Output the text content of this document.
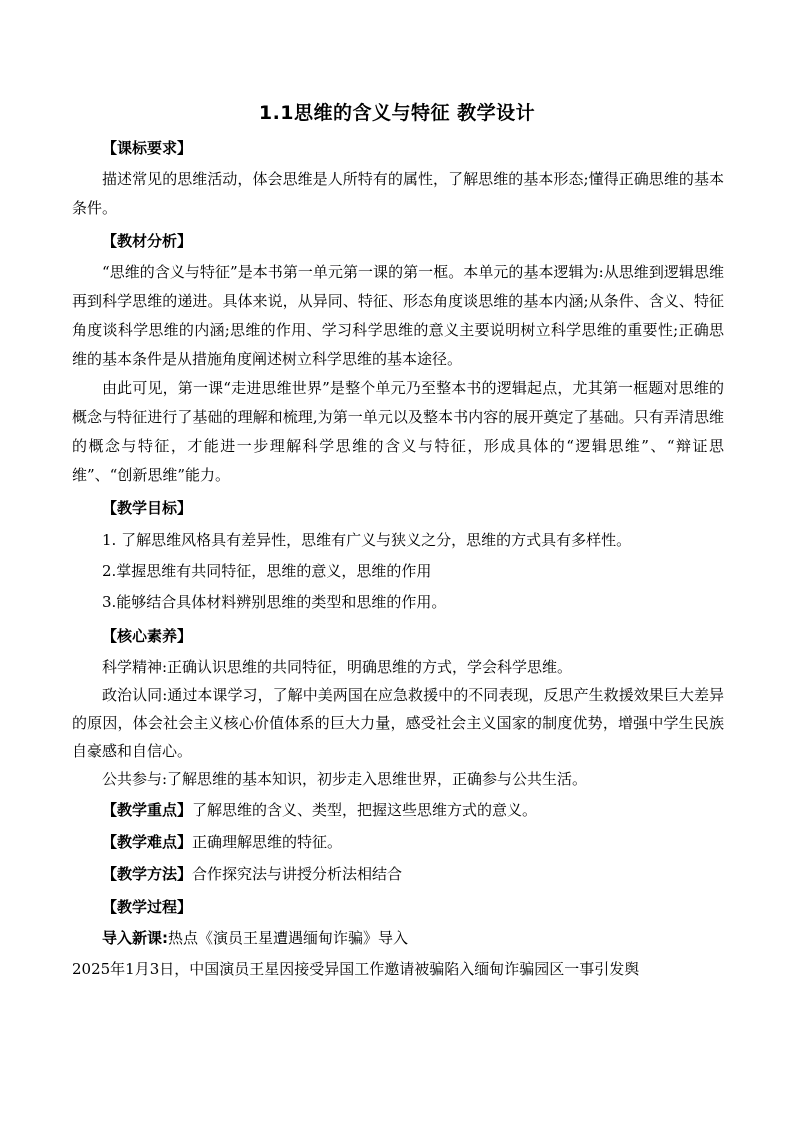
1.1思维的含义与特征 教学设计
【课标要求】

描述常见的思维活动，体会思维是人所特有的属性，了解思维的基本形态;懂得正确思维的基本条件。

【教材分析】

“思维的含义与特征”是本书第一单元第一课的第一框。本单元的基本逻辑为:从思维到逻辑思维再到科学思维的递进。具体来说，从异同、特征、形态角度谈思维的基本内涵;从条件、含义、特征角度谈科学思维的内涵;思维的作用、学习科学思维的意义主要说明树立科学思维的重要性;正确思维的基本条件是从措施角度阐述树立科学思维的基本途径。

由此可见，第一课“走进思维世界”是整个单元乃至整本书的逻辑起点，尤其第一框题对思维的概念与特征进行了基础的理解和梳理,为第一单元以及整本书内容的展开奠定了基础。只有弄清思维的概念与特征，才能进一步理解科学思维的含义与特征，形成具体的“逻辑思维”、“辩证思维”、“创新思维”能力。

【教学目标】

1. 了解思维风格具有差异性，思维有广义与狭义之分，思维的方式具有多样性。

2.掌握思维有共同特征，思维的意义，思维的作用

3.能够结合具体材料辨别思维的类型和思维的作用。

【核心素养】

科学精神:正确认识思维的共同特征，明确思维的方式，学会科学思维。

政治认同:通过本课学习，了解中美两国在应急救援中的不同表现，反思产生救援效果巨大差异的原因，体会社会主义核心价值体系的巨大力量，感受社会主义国家的制度优势，增强中学生民族自豪感和自信心。

公共参与:了解思维的基本知识，初步走入思维世界，正确参与公共生活。

【教学重点】了解思维的含义、类型，把握这些思维方式的意义。

【教学难点】正确理解思维的特征。

【教学方法】合作探究法与讲授分析法相结合

【教学过程】

导入新课:热点《演员王星遭遇缅甸诈骗》导入

2025年1月3日，中国演员王星因接受异国工作邀请被骗陷入缅甸诈骗园区一事引发舆
